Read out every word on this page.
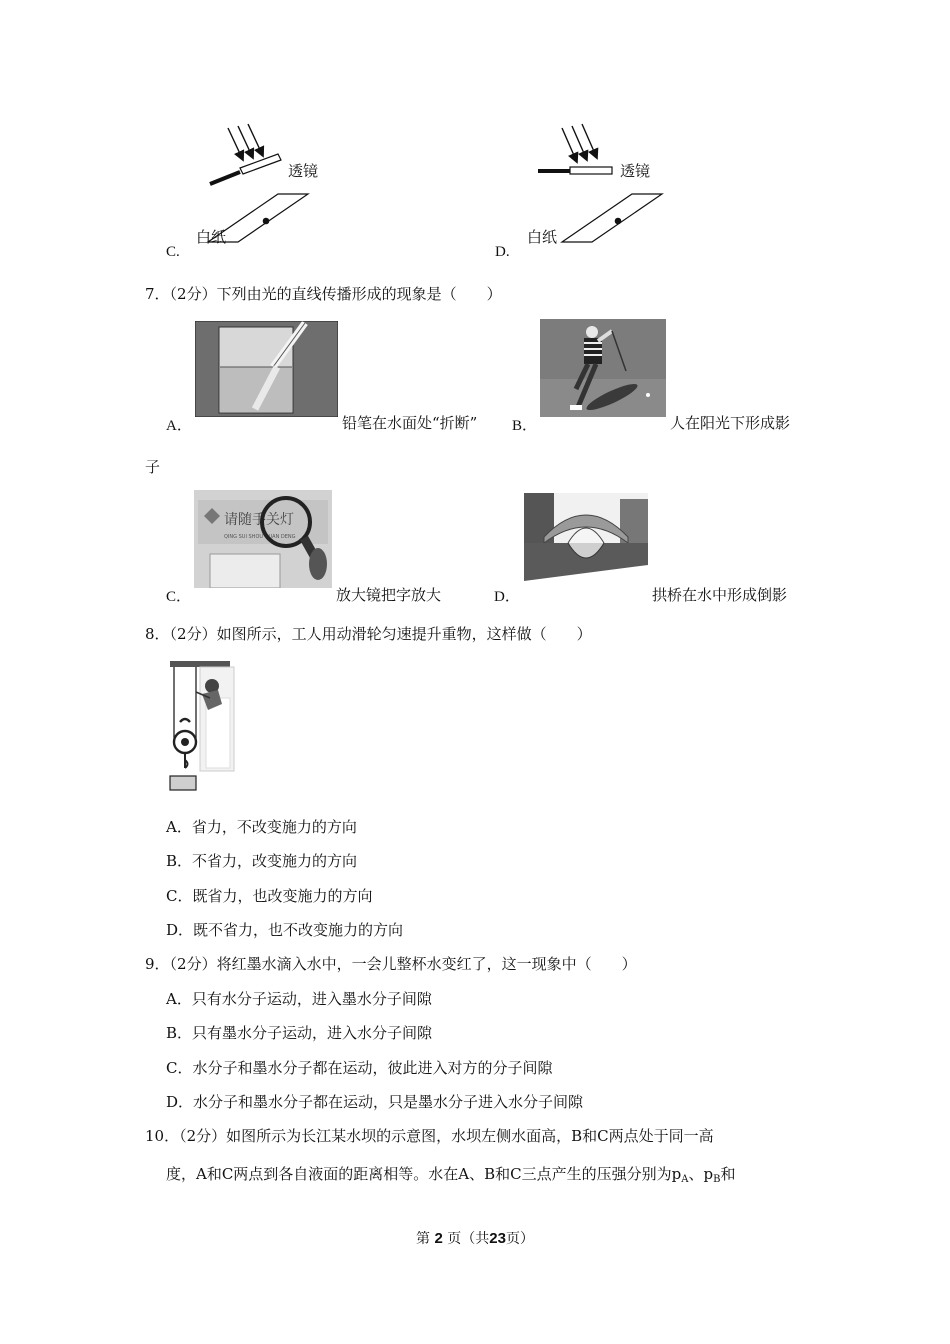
透镜
白纸
C.
透镜
白纸
D.
7．（2分）下列由光的直线传播形成的现象是（　　）
A．	铅笔在水面处“折断” B．	人在阳光下形成影
子
C．
请随手关灯
QING SUI SHOU GUAN DENG
放大镜把字放大	D．	拱桥在水中形成倒影
8．（2分）如图所示，工人用动滑轮匀速提升重物，这样做（　　）
A．省力，不改变施力的方向
B．不省力，改变施力的方向
C．既省力，也改变施力的方向
D．既不省力，也不改变施力的方向
9．（2分）将红墨水滴入水中，一会儿整杯水变红了，这一现象中（　　）
A．只有水分子运动，进入墨水分子间隙
B．只有墨水分子运动，进入水分子间隙
C．水分子和墨水分子都在运动，彼此进入对方的分子间隙
D．水分子和墨水分子都在运动，只是墨水分子进入水分子间隙
10．（2分）如图所示为长江某水坝的示意图，水坝左侧水面高，B和C两点处于同一高
度，A和C两点到各自液面的距离相等。水在A、B和C三点产生的压强分别为$p_A$、$p_B$和
第 2 页（共23页）
